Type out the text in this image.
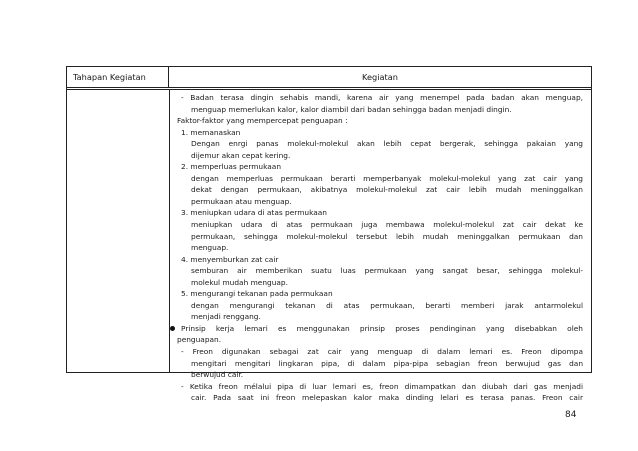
Tahapan Kegiatan	Kegiatan
- Badan terasa dingin sehabis mandi, karena air yang menempel pada badan akan menguap,
menguap memerlukan kalor, kalor diambil dari badan sehingga badan menjadi dingin.
Faktor-faktor yang mempercepat penguapan :
1. memanaskan
Dengan enrgi panas molekul-molekul akan lebih cepat bergerak, sehingga pakaian yang
dijemur akan cepat kering.
2. memperluas permukaan
dengan memperluas permukaan berarti memperbanyak molekul-molekul yang zat cair yang
dekat dengan permukaan, akibatnya molekul-molekul zat cair lebih mudah meninggalkan
permukaan atau menguap.
3. meniupkan udara di atas permukaan
meniupkan udara di atas permukaan juga membawa molekul-molekul zat cair dekat ke
permukaan, sehingga molekul-molekul tersebut lebih mudah meninggalkan permukaan dan
menguap.
4. menyemburkan zat cair
semburan air memberikan suatu luas permukaan yang sangat besar, sehingga molekul-
molekul mudah menguap.
5. mengurangi tekanan pada permukaan
dengan mengurangi tekanan di atas permukaan, berarti memberi jarak antarmolekul
menjadi renggang.
Prinsip kerja lemari es menggunakan prinsip proses pendinginan yang disebabkan oleh
penguapan.
- Freon digunakan sebagai zat cair yang menguap di dalam lemari es. Freon dipompa
mengitari mengitari lingkaran pipa, di dalam pipa-pipa sebagian freon berwujud gas dan
berwujud cair.
- Ketika freon mélalui pipa di luar lemari es, freon dimampatkan dan diubah dari gas menjadi
cair. Pada saat ini freon melepaskan kalor maka dinding lelari es terasa panas. Freon cair
84
